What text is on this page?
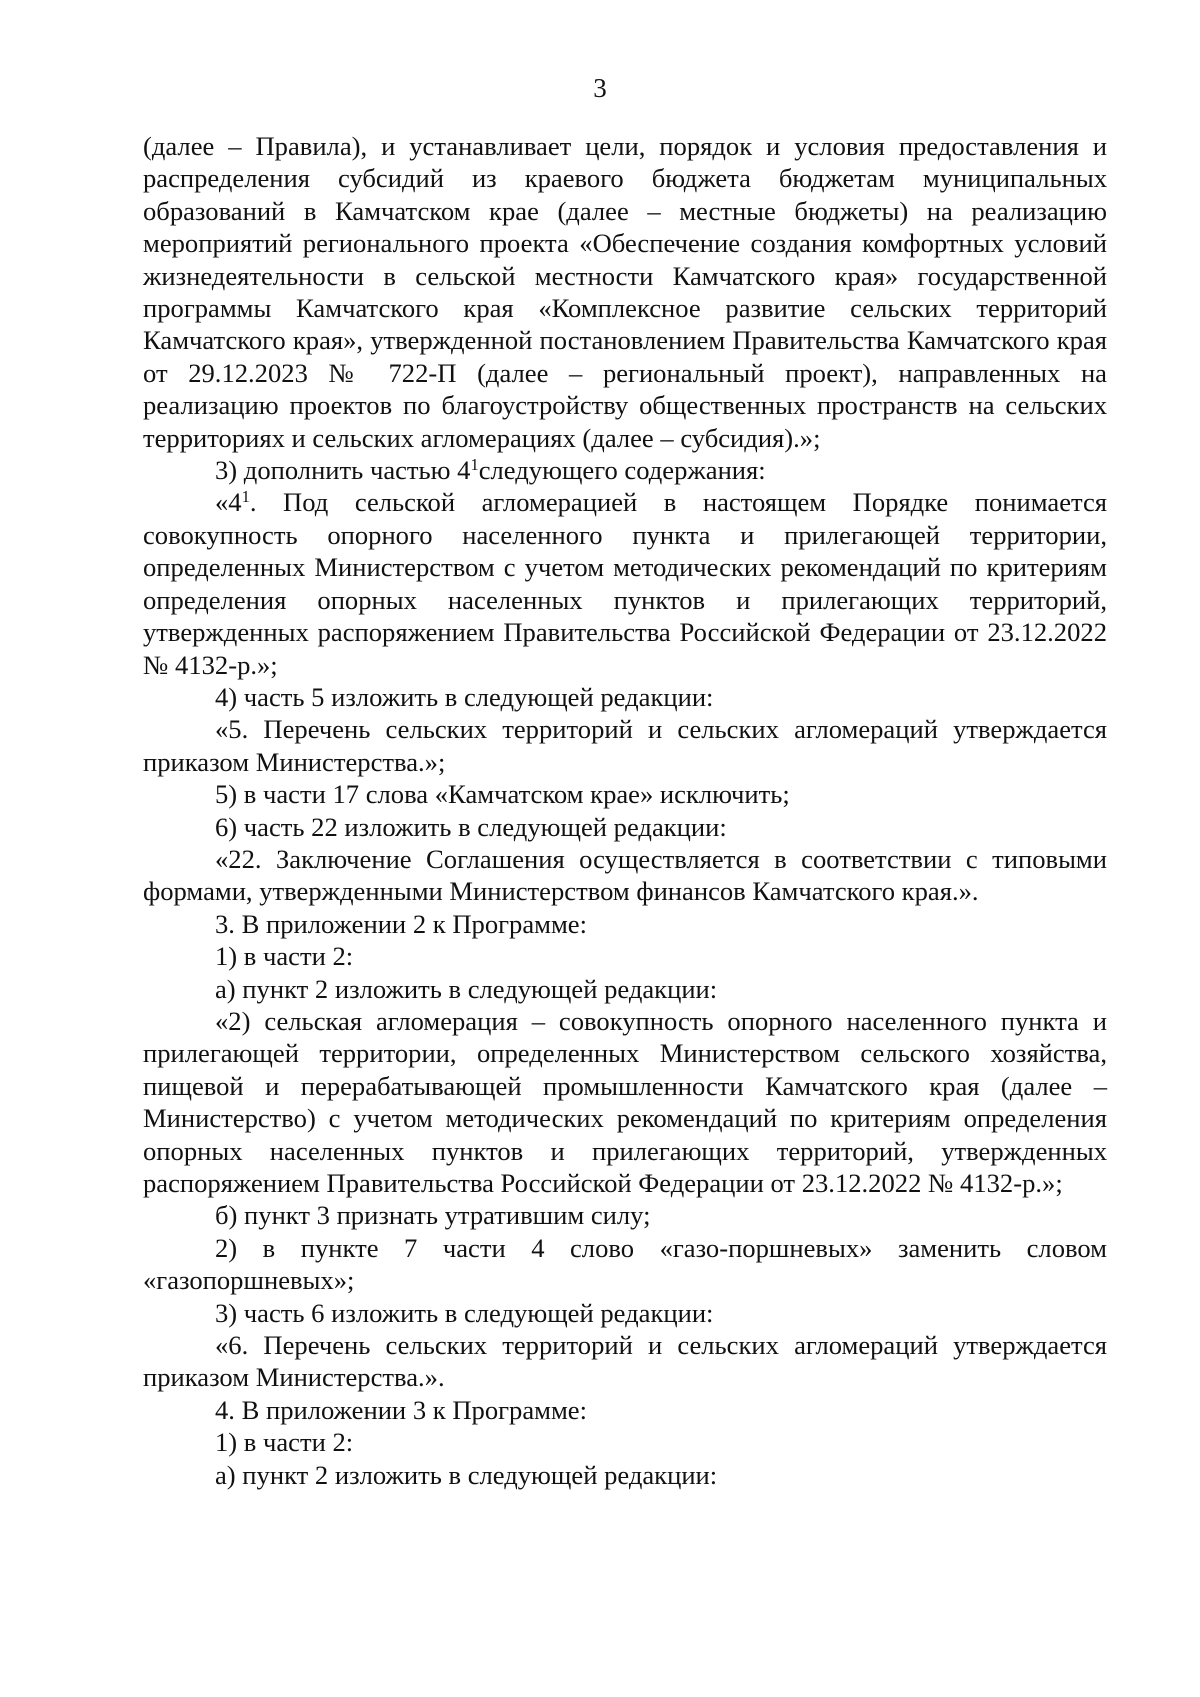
3

(далее – Правила), и устанавливает цели, порядок и условия предоставления и распределения субсидий из краевого бюджета бюджетам муниципальных образований в Камчатском крае (далее – местные бюджеты) на реализацию мероприятий регионального проекта «Обеспечение создания комфортных условий жизнедеятельности в сельской местности Камчатского края» государственной программы Камчатского края «Комплексное развитие сельских территорий Камчатского края», утвержденной постановлением Правительства Камчатского края от 29.12.2023 № 722-П (далее – региональный проект), направленных на реализацию проектов по благоустройству общественных пространств на сельских территориях и сельских агломерациях (далее – субсидия).»;

3) дополнить частью $4^1следующего$ содержания:

«$4^1$. Под сельской агломерацией в настоящем Порядке понимается совокупность опорного населенного пункта и прилегающей территории, определенных Министерством с учетом методических рекомендаций по критериям определения опорных населенных пунктов и прилегающих территорий, утвержденных распоряжением Правительства Российской Федерации от 23.12.2022 № 4132-р.»;

4) часть 5 изложить в следующей редакции:

«5. Перечень сельских территорий и сельских агломераций утверждается приказом Министерства.»;

5) в части 17 слова «Камчатском крае» исключить;

6) часть 22 изложить в следующей редакции:

«22. Заключение Соглашения осуществляется в соответствии с типовыми формами, утвержденными Министерством финансов Камчатского края.».

3. В приложении 2 к Программе:

1) в части 2:

а) пункт 2 изложить в следующей редакции:

«2) сельская агломерация – совокупность опорного населенного пункта и прилегающей территории, определенных Министерством сельского хозяйства, пищевой и перерабатывающей промышленности Камчатского края (далее – Министерство) с учетом методических рекомендаций по критериям определения опорных населенных пунктов и прилегающих территорий, утвержденных распоряжением Правительства Российской Федерации от 23.12.2022 № 4132-р.»;

б) пункт 3 признать утратившим силу;

2) в пункте 7 части 4 слово «газо-поршневых» заменить словом «газопоршневых»;

3) часть 6 изложить в следующей редакции:

«6. Перечень сельских территорий и сельских агломераций утверждается приказом Министерства.».

4. В приложении 3 к Программе:

1) в части 2:

а) пункт 2 изложить в следующей редакции:
